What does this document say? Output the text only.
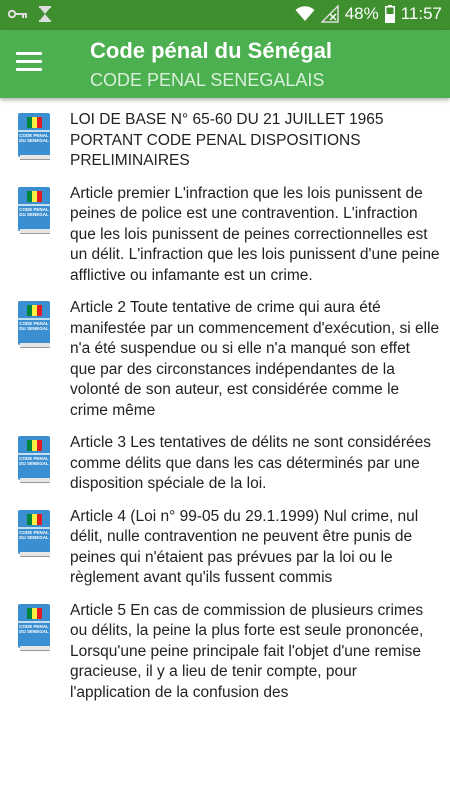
48% 11:57
Code pénal du Sénégal
CODE PENAL SENEGALAIS
CODE PENAL
DU SENEGAL
LOI DE BASE N° 65-60 DU 21 JUILLET 1965 PORTANT CODE PENAL DISPOSITIONS PRELIMINAIRES
CODE PENAL
DU SENEGAL
Article premier L'infraction que les lois punissent de peines de police est une contravention. L'infraction que les lois punissent de peines correctionnelles est un délit. L'infraction que les lois punissent d'une peine afflictive ou infamante est un crime.
CODE PENAL
DU SENEGAL
Article 2 Toute tentative de crime qui aura été manifestée par un commencement d'exécution, si elle n'a été suspendue ou si elle n'a manqué son effet que par des circonstances indépendantes de la volonté de son auteur, est considérée comme le crime même
CODE PENAL
DU SENEGAL
Article 3 Les tentatives de délits ne sont considérées comme délits que dans les cas déterminés par une disposition spéciale de la loi.
CODE PENAL
DU SENEGAL
Article 4 (Loi n° 99-05 du 29.1.1999) Nul crime, nul délit, nulle contravention ne peuvent être punis de peines qui n'étaient pas prévues par la loi ou le règlement avant qu'ils fussent commis
CODE PENAL
DU SENEGAL
Article 5 En cas de commission de plusieurs crimes ou délits, la peine la plus forte est seule prononcée, Lorsqu'une peine principale fait l'objet d'une remise gracieuse, il y a lieu de tenir compte, pour l'application de la confusion des
